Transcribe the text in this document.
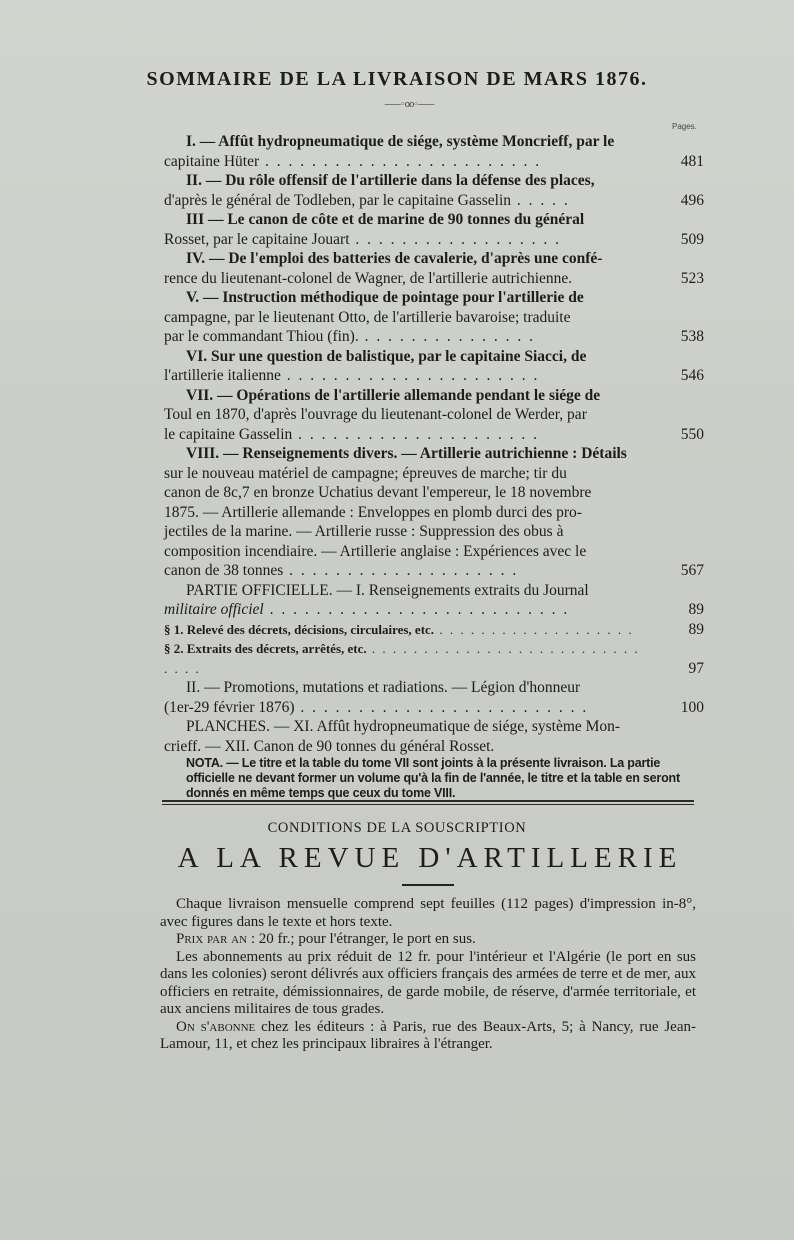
SOMMAIRE DE LA LIVRAISON DE MARS 1876.
——◦oo◦——
Pages.
I. — Affût hydropneumatique de siége, système Moncrieff, par le
capitaine Hüter . . . . . . . . . . . . . . . . . . . . . . . .	481
II. — Du rôle offensif de l'artillerie dans la défense des places,
d'après le général de Todleben, par le capitaine Gasselin . . . . .	496
III — Le canon de côte et de marine de 90 tonnes du général
Rosset, par le capitaine Jouart . . . . . . . . . . . . . . . . . .	509
IV. — De l'emploi des batteries de cavalerie, d'après une confé-
rence du lieutenant-colonel de Wagner, de l'artillerie autrichienne.	523
V. — Instruction méthodique de pointage pour l'artillerie de
campagne, par le lieutenant Otto, de l'artillerie bavaroise; traduite
par le commandant Thiou (fin). . . . . . . . . . . . . . . .	538
VI. Sur une question de balistique, par le capitaine Siacci, de
l'artillerie italienne . . . . . . . . . . . . . . . . . . . . . .	546
VII. — Opérations de l'artillerie allemande pendant le siége de
Toul en 1870, d'après l'ouvrage du lieutenant-colonel de Werder, par
le capitaine Gasselin . . . . . . . . . . . . . . . . . . . . .	550
VIII. — Renseignements divers. — Artillerie autrichienne : Détails
sur le nouveau matériel de campagne; épreuves de marche; tir du
canon de 8c,7 en bronze Uchatius devant l'empereur, le 18 novembre
1875. — Artillerie allemande : Enveloppes en plomb durci des pro-
jectiles de la marine. — Artillerie russe : Suppression des obus à
composition incendiaire. — Artillerie anglaise : Expériences avec le
canon de 38 tonnes . . . . . . . . . . . . . . . . . . . .	567
PARTIE OFFICIELLE. — I. Renseignements extraits du Journal
militaire officiel . . . . . . . . . . . . . . . . . . . . . . . . . .	89
§ 1. Relevé des décrets, décisions, circulaires, etc. . . . . . . . . . . . . . . . . . . .	89
§ 2. Extraits des décrets, arrêtés, etc. . . . . . . . . . . . . . . . . . . . . . . . . . . . . . .	97
II. — Promotions, mutations et radiations. — Légion d'honneur
(1er-29 février 1876) . . . . . . . . . . . . . . . . . . . . . . . . .	100
PLANCHES. — XI. Affût hydropneumatique de siége, système Mon-
crieff. — XII. Canon de 90 tonnes du général Rosset.
NOTA. — Le titre et la table du tome VII sont joints à la présente livraison. La partie officielle ne devant former un volume qu'à la fin de l'année, le titre et la table en seront donnés en même temps que ceux du tome VIII.
CONDITIONS DE LA SOUSCRIPTION
A LA REVUE D'ARTILLERIE

Chaque livraison mensuelle comprend sept feuilles (112 pages) d'impression in-8°, avec figures dans le texte et hors texte.

Prix par an : 20 fr.; pour l'étranger, le port en sus.

Les abonnements au prix réduit de 12 fr. pour l'intérieur et l'Algérie (le port en sus dans les colonies) seront délivrés aux officiers français des armées de terre et de mer, aux officiers en retraite, démissionnaires, de garde mobile, de réserve, d'armée territoriale, et aux anciens militaires de tous grades.

On s'abonne chez les éditeurs : à Paris, rue des Beaux-Arts, 5; à Nancy, rue Jean-Lamour, 11, et chez les principaux libraires à l'étranger.
